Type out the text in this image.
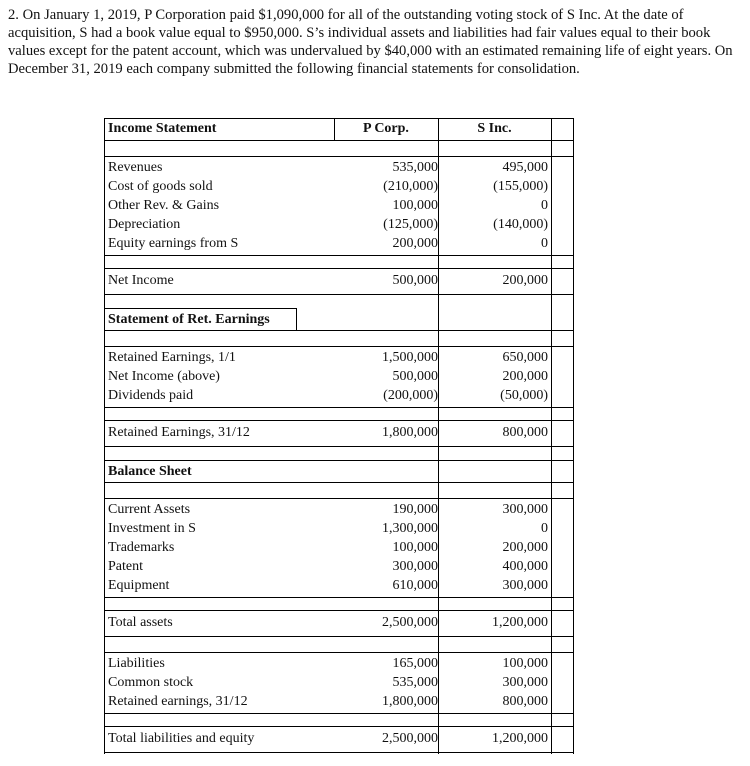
2. On January 1, 2019, P Corporation paid $1,090,000 for all of the outstanding voting stock of S Inc. At the date of acquisition, S had a book value equal to $950,000. S’s individual assets and liabilities had fair values equal to their book values except for the patent account, which was undervalued by $40,000 with an estimated remaining life of eight years. On December 31, 2019 each company submitted the following financial statements for consolidation.
Income Statement	P Corp.	S Inc.
Revenues	535,000	495,000
Cost of goods sold	(210,000)	(155,000)
Other Rev. & Gains	100,000	0
Depreciation	(125,000)	(140,000)
Equity earnings from S	200,000	0
Net Income	500,000	200,000
Statement of Ret. Earnings
Retained Earnings, 1/1	1,500,000	650,000
Net Income (above)	500,000	200,000
Dividends paid	(200,000)	(50,000)
Retained Earnings, 31/12	1,800,000	800,000
Balance Sheet
Current Assets	190,000	300,000
Investment in S	1,300,000	0
Trademarks	100,000	200,000
Patent	300,000	400,000
Equipment	610,000	300,000
Total assets	2,500,000	1,200,000
Liabilities	165,000	100,000
Common stock	535,000	300,000
Retained earnings, 31/12	1,800,000	800,000
Total liabilities and equity	2,500,000	1,200,000
